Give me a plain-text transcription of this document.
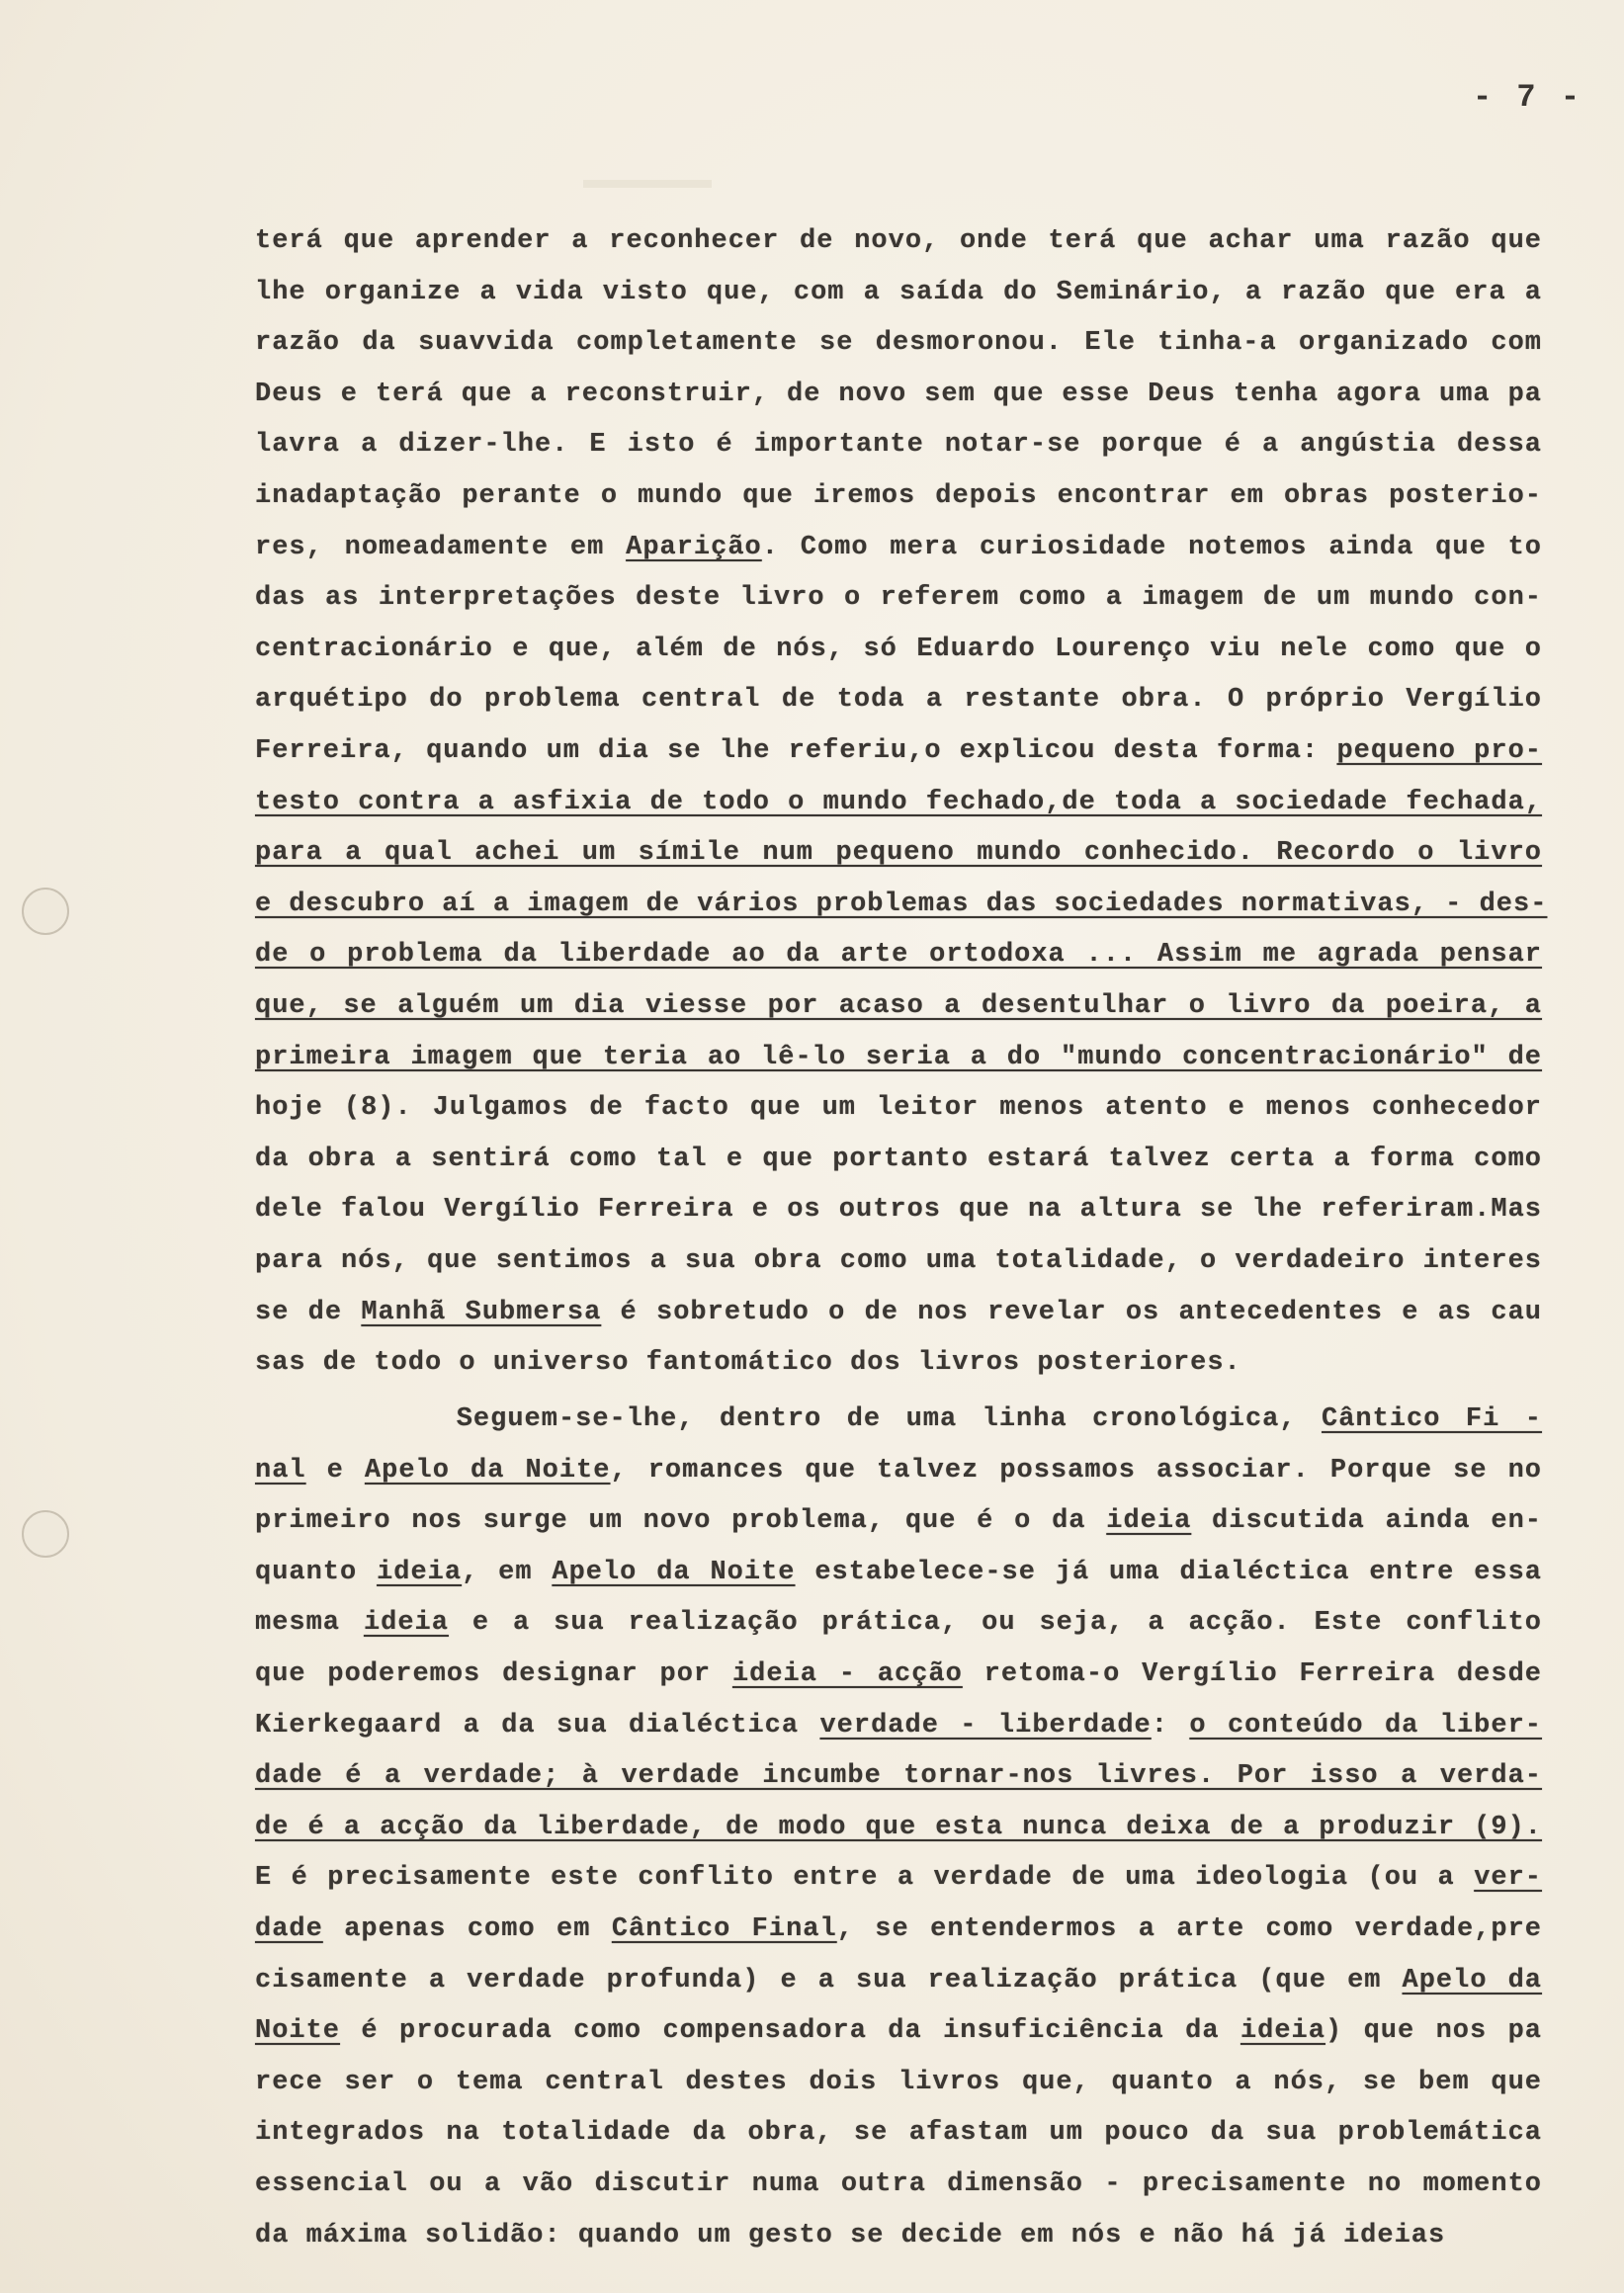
- 7 -
terá que aprender a reconhecer de novo, onde terá que achar uma razão que
lhe organize a vida visto que, com a saída do Seminário, a razão que era a
razão da suavvida completamente se desmoronou. Ele tinha-a organizado com
Deus e terá que a reconstruir, de novo sem que esse Deus tenha agora uma pa
lavra a dizer-lhe. E isto é importante notar-se porque é a angústia dessa
inadaptação perante o mundo que iremos depois encontrar em obras posterio-
res, nomeadamente em Aparição. Como mera curiosidade notemos ainda que to
das as interpretações deste livro o referem como a imagem de um mundo con-
centracionário e que, além de nós, só Eduardo Lourenço viu nele como que o
arquétipo do problema central de toda a restante obra. O próprio Vergílio
Ferreira, quando um dia se lhe referiu,o explicou desta forma: pequeno pro-
testo contra a asfixia de todo o mundo fechado,de toda a sociedade fechada,
para a qual achei um símile num pequeno mundo conhecido. Recordo o livro
e descubro aí a imagem de vários problemas das sociedades normativas, - des-
de o problema da liberdade ao da arte ortodoxa ... Assim me agrada pensar
que, se alguém um dia viesse por acaso a desentulhar o livro da poeira, a
primeira imagem que teria ao lê-lo seria a do "mundo concentracionário" de
hoje (8). Julgamos de facto que um leitor menos atento e menos conhecedor
da obra a sentirá como tal e que portanto estará talvez certa a forma como
dele falou Vergílio Ferreira e os outros que na altura se lhe referiram.Mas
para nós, que sentimos a sua obra como uma totalidade, o verdadeiro interes
se de Manhã Submersa é sobretudo o de nos revelar os antecedentes e as cau
sas de todo o universo fantomático dos livros posteriores.
Seguem-se-lhe, dentro de uma linha cronológica, Cântico Fi -
nal e Apelo da Noite, romances que talvez possamos associar. Porque se no
primeiro nos surge um novo problema, que é o da ideia discutida ainda en-
quanto ideia, em Apelo da Noite estabelece-se já uma dialéctica entre essa
mesma ideia e a sua realização prática, ou seja, a acção. Este conflito
que poderemos designar por ideia - acção retoma-o Vergílio Ferreira desde
Kierkegaard a da sua dialéctica verdade - liberdade: o conteúdo da liber-
dade é a verdade; à verdade incumbe tornar-nos livres. Por isso a verda-
de é a acção da liberdade, de modo que esta nunca deixa de a produzir (9).
E é precisamente este conflito entre a verdade de uma ideologia (ou a ver-
dade apenas como em Cântico Final, se entendermos a arte como verdade,pre
cisamente a verdade profunda) e a sua realização prática (que em Apelo da
Noite é procurada como compensadora da insuficiência da ideia) que nos pa
rece ser o tema central destes dois livros que, quanto a nós, se bem que
integrados na totalidade da obra, se afastam um pouco da sua problemática
essencial ou a vão discutir numa outra dimensão - precisamente no momento
da máxima solidão: quando um gesto se decide em nós e não há já ideias
